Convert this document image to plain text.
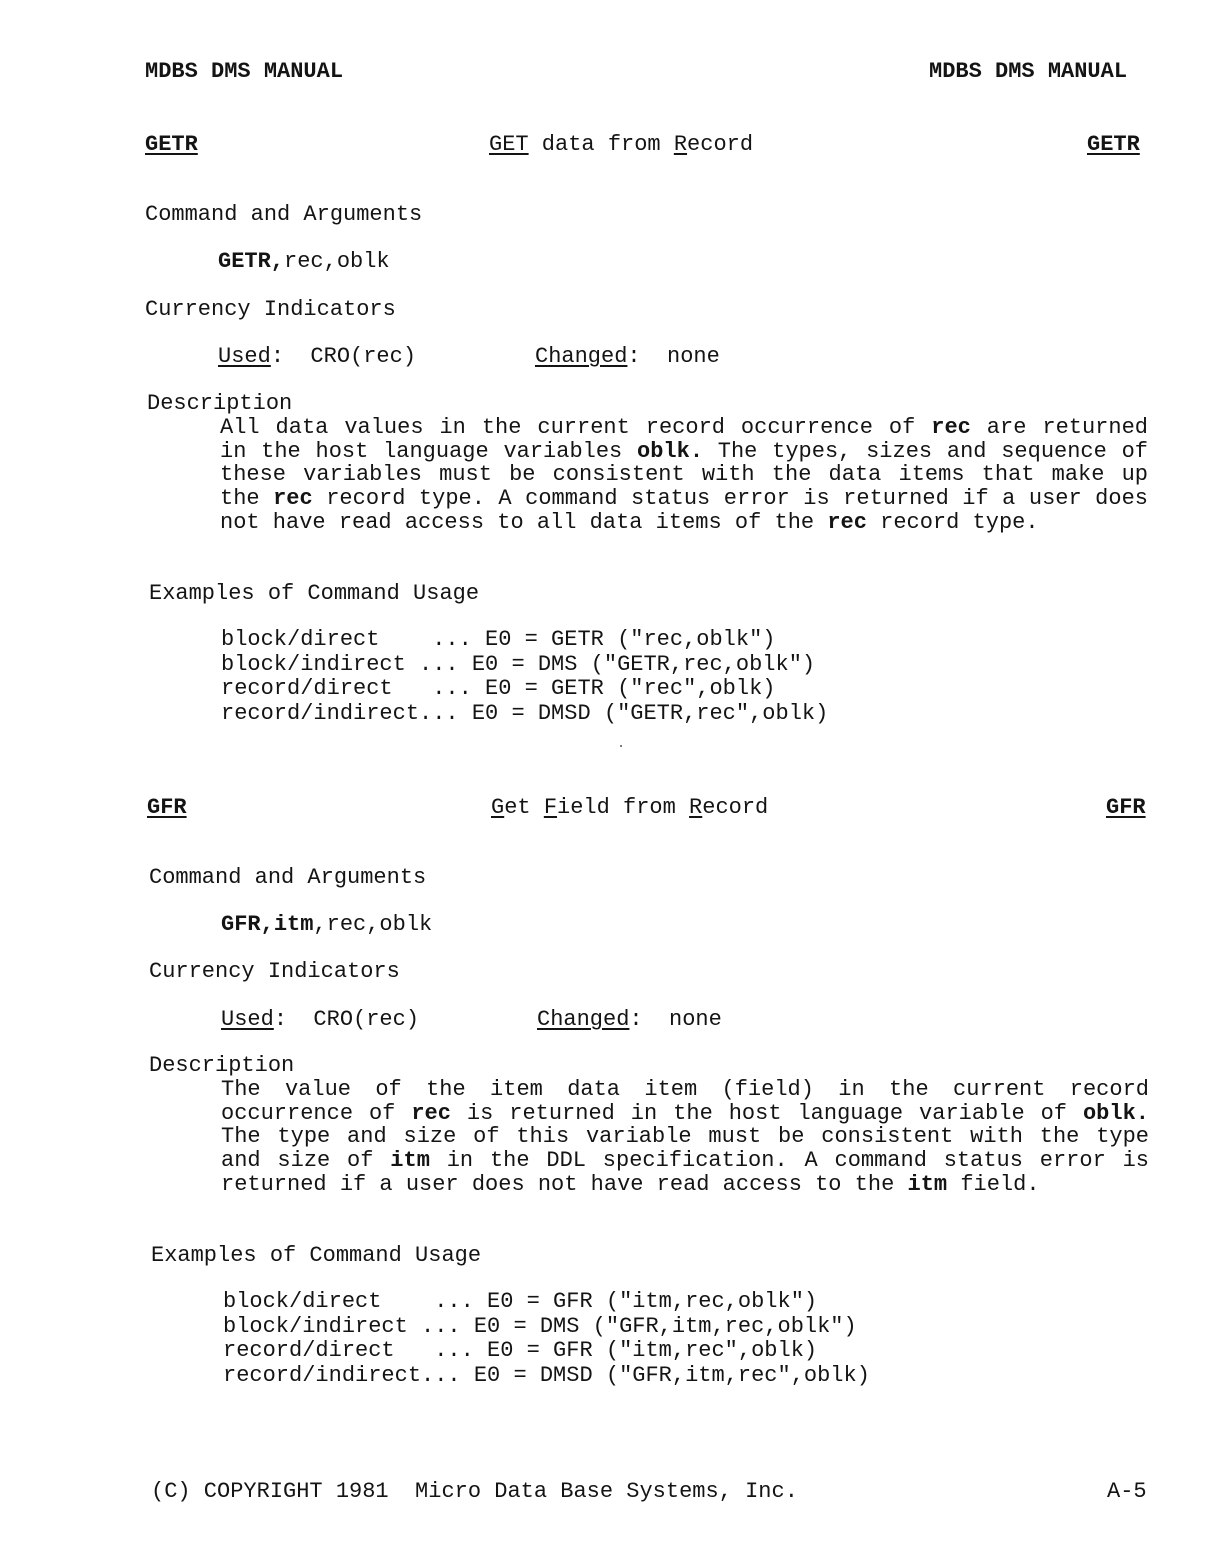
MDBS DMS MANUAL	MDBS DMS MANUAL
GETR	GET data from Record	GETR
Command and Arguments
GETR,rec,oblk
Currency Indicators
Used:  CRO(rec)	Changed:  none
Description
All data values in the current record occurrence of rec are returned in the host language variables oblk. The types, sizes and sequence of these variables must be consistent with the data items that make up the rec record type. A command status error is returned if a user does not have read access to all data items of the rec record type.
Examples of Command Usage
block/direct    ... E0 = GETR ("rec,oblk")
block/indirect ... E0 = DMS ("GETR,rec,oblk")
record/direct   ... E0 = GETR ("rec",oblk)
record/indirect... E0 = DMSD ("GETR,rec",oblk)
GFR	Get Field from Record	GFR
Command and Arguments
GFR,itm,rec,oblk
Currency Indicators
Used:  CRO(rec)	Changed:  none
Description
The value of the item data item (field) in the current record occurrence of rec is returned in the host language variable of oblk. The type and size of this variable must be consistent with the type and size of itm in the DDL specification. A command status error is returned if a user does not have read access to the itm field.
Examples of Command Usage
block/direct    ... E0 = GFR ("itm,rec,oblk")
block/indirect ... E0 = DMS ("GFR,itm,rec,oblk")
record/direct   ... E0 = GFR ("itm,rec",oblk)
record/indirect... E0 = DMSD ("GFR,itm,rec",oblk)
(C) COPYRIGHT 1981  Micro Data Base Systems, Inc.	A-5
